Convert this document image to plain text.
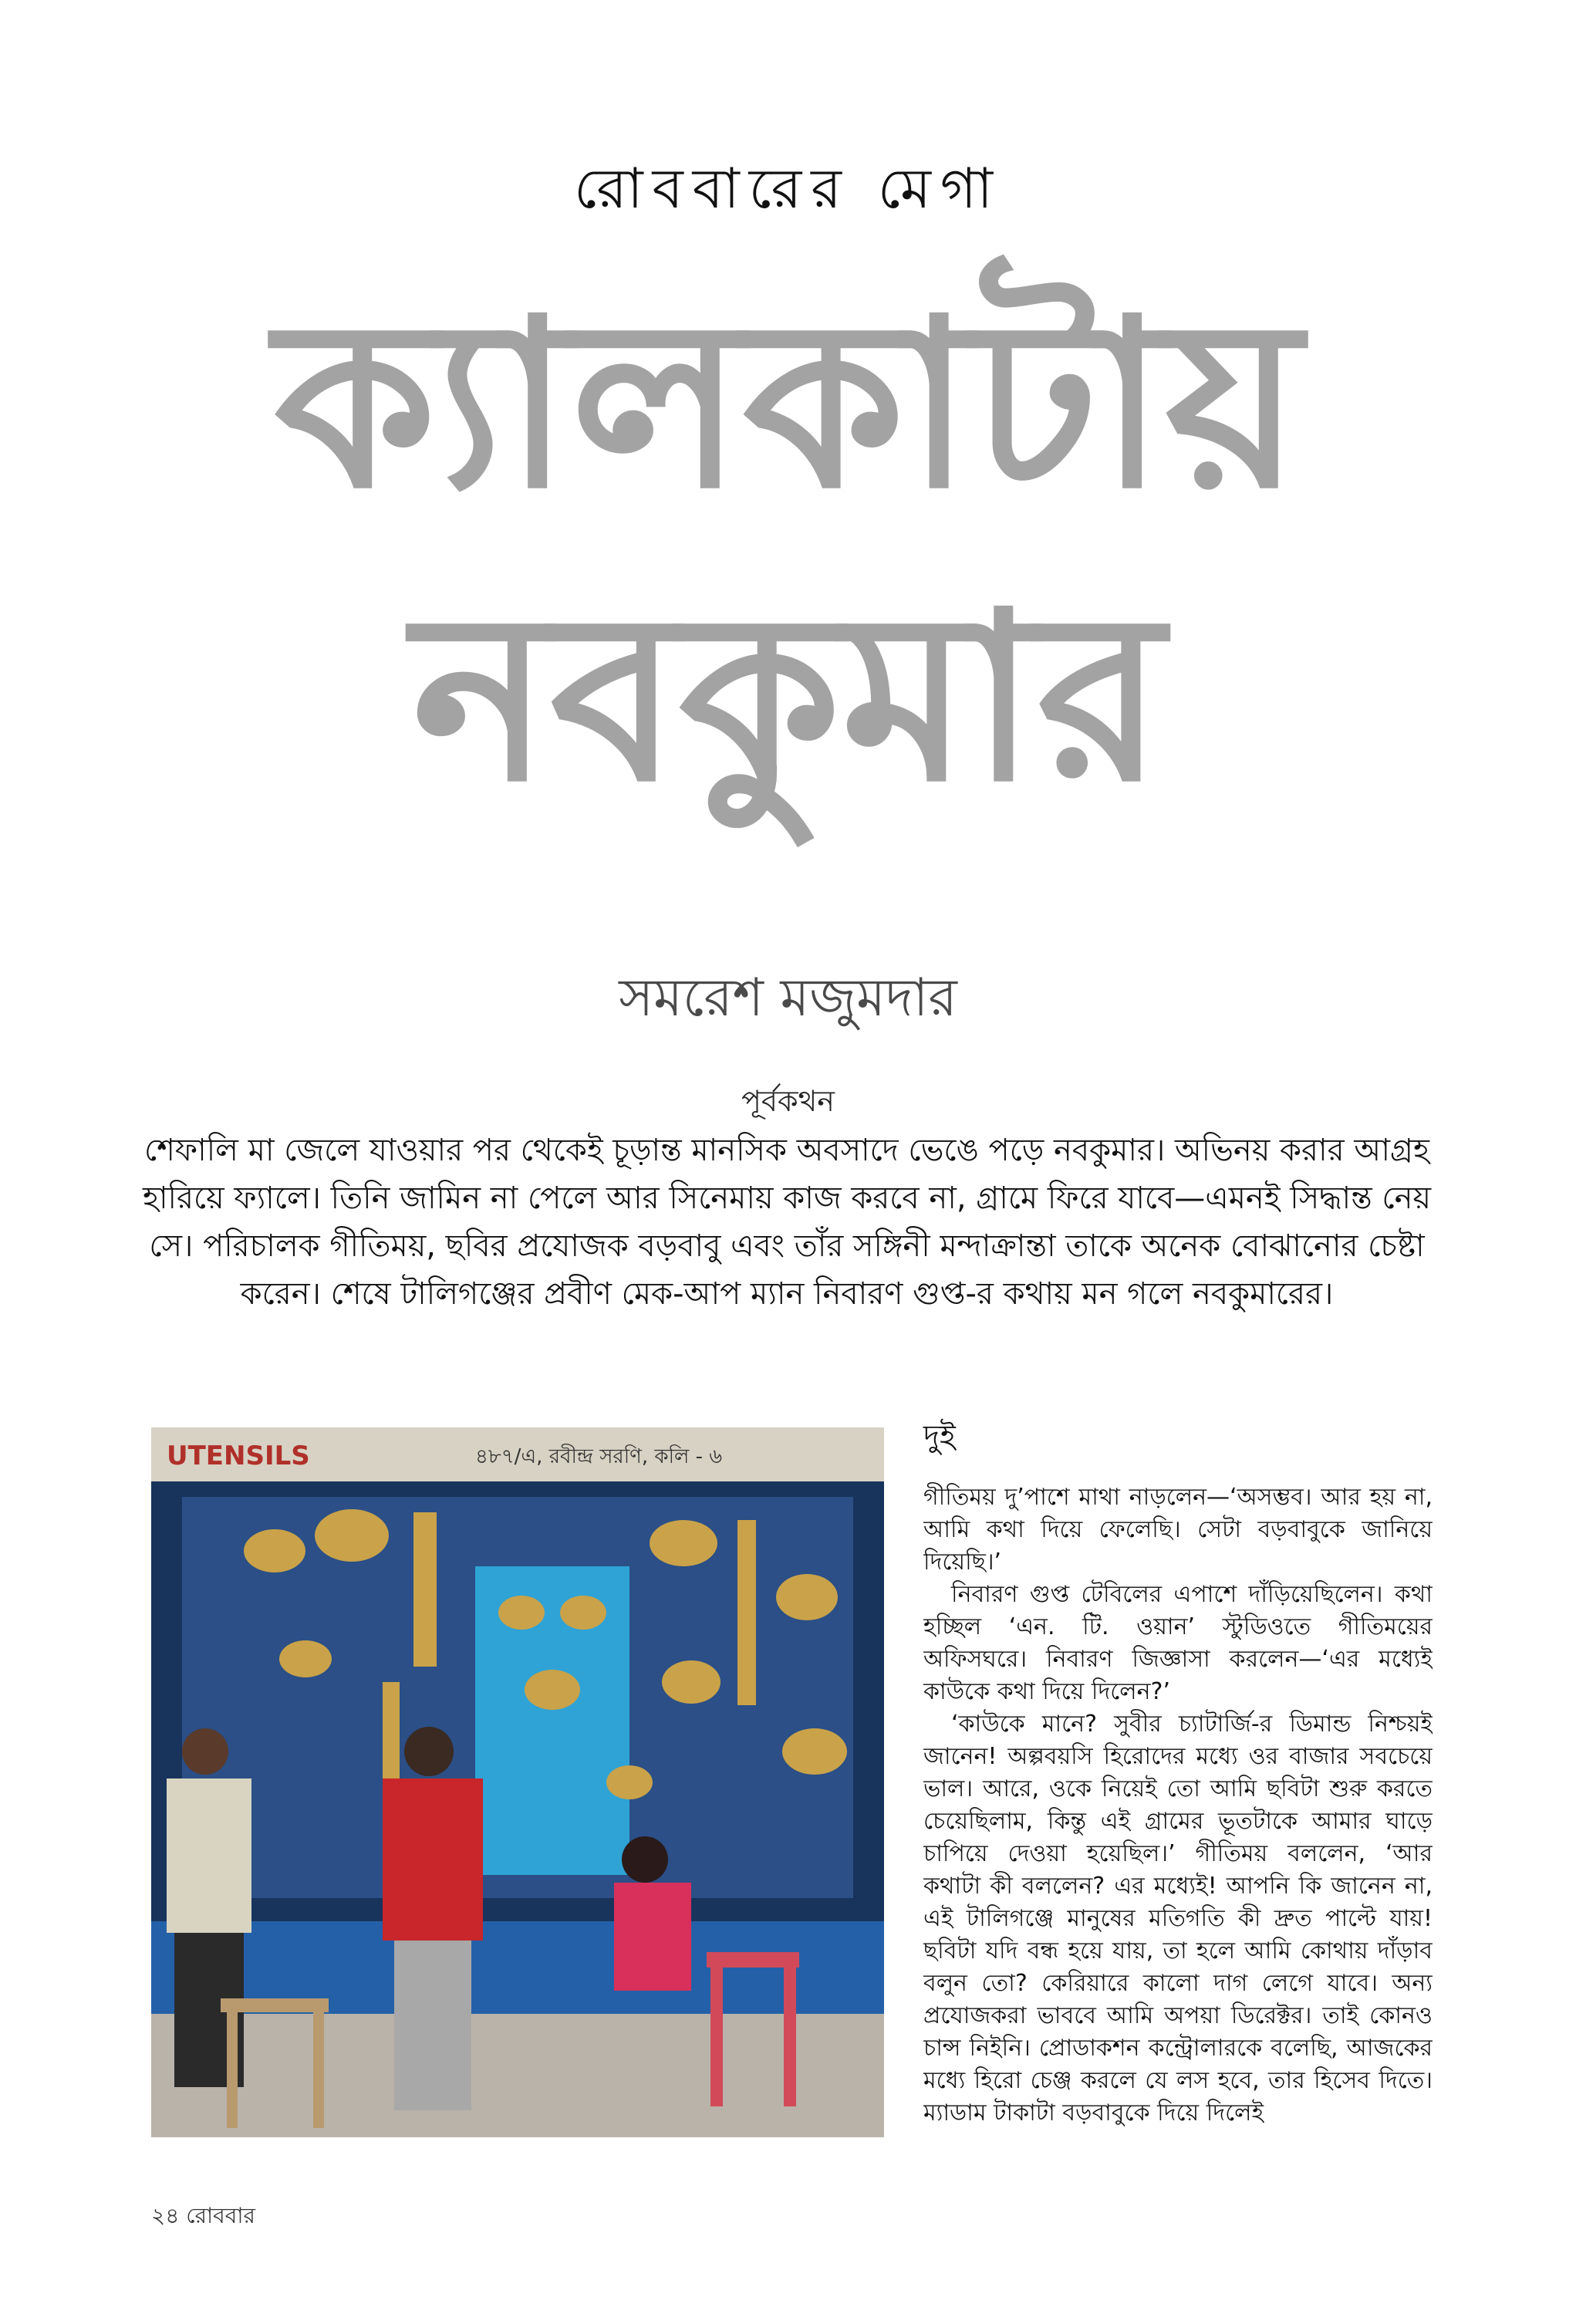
রোববারের মেগা
ক্যালকাটায়
নবকুমার
সমরেশ মজুমদার
পূর্বকথন
শেফালি মা জেলে যাওয়ার পর থেকেই চূড়ান্ত মানসিক অবসাদে ভেঙে পড়ে নবকুমার। অভিনয় করার আগ্রহ হারিয়ে ফ্যালে। তিনি জামিন না পেলে আর সিনেমায় কাজ করবে না, গ্রামে ফিরে যাবে—এমনই সিদ্ধান্ত নেয় সে। পরিচালক গীতিময়, ছবির প্রযোজক বড়বাবু এবং তাঁর সঙ্গিনী মন্দাক্রান্তা তাকে অনেক বোঝানোর চেষ্টা করেন। শেষে টালিগঞ্জের প্রবীণ মেক-আপ ম্যান নিবারণ গুপ্ত-র কথায় মন গলে নবকুমারের।
UTENSILS	৪৮৭/এ, রবীন্দ্র সরণি, কলি - ৬
দুই

গীতিময় দু’পাশে মাথা নাড়লেন—‘অসম্ভব। আর হয় না, আমি কথা দিয়ে ফেলেছি। সেটা বড়বাবুকে জানিয়ে দিয়েছি।’

নিবারণ গুপ্ত টেবিলের এপাশে দাঁড়িয়েছিলেন। কথা হচ্ছিল ‘এন. টি. ওয়ান’ স্টুডিওতে গীতিময়ের অফিসঘরে। নিবারণ জিজ্ঞাসা করলেন—‘এর মধ্যেই কাউকে কথা দিয়ে দিলেন?’

‘কাউকে মানে? সুবীর চ্যাটার্জি-র ডিমান্ড নিশ্চয়ই জানেন! অল্পবয়সি হিরোদের মধ্যে ওর বাজার সবচেয়ে ভাল। আরে, ওকে নিয়েই তো আমি ছবিটা শুরু করতে চেয়েছিলাম, কিন্তু এই গ্রামের ভূতটাকে আমার ঘাড়ে চাপিয়ে দেওয়া হয়েছিল।’ গীতিময় বললেন, ‘আর কথাটা কী বললেন? এর মধ্যেই! আপনি কি জানেন না, এই টালিগঞ্জে মানুষের মতিগতি কী দ্রুত পাল্টে যায়! ছবিটা যদি বন্ধ হয়ে যায়, তা হলে আমি কোথায় দাঁড়াব বলুন তো? কেরিয়ারে কালো দাগ লেগে যাবে। অন্য প্রযোজকরা ভাববে আমি অপয়া ডিরেক্টর। তাই কোনও চান্স নিইনি। প্রোডাকশন কন্ট্রোলারকে বলেছি, আজকের মধ্যে হিরো চেঞ্জ করলে যে লস হবে, তার হিসেব দিতে। ম্যাডাম টাকাটা বড়বাবুকে দিয়ে দিলেই

২৪ রোববার
